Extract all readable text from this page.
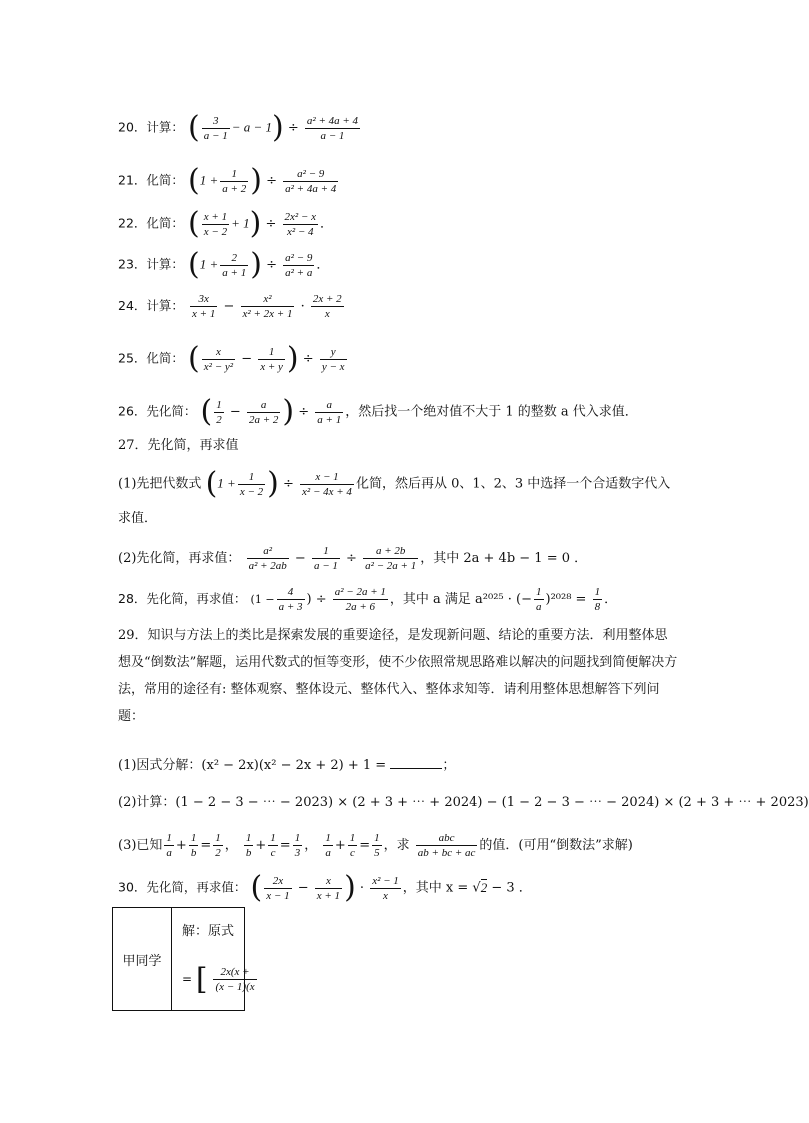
20．计算： ( $\frac{3}{a - 1} - a - 1) \div \frac{\text{a² + 4a + 4}}{a - 1}$
21．化简： ($1 + \frac{1}{a + 2}$ ) ÷ $\frac{\text{a² − 9}}{\text{a² + 4a + 4}}$
22．化简： ( $\frac{x + 1}{x - 2} + 1) \div \frac{\text{2x² − x}}{\text{x² − 4}}$ ．
23．计算： ($1 + \frac{2}{a + 1}$ ) ÷ $\frac{\text{a² − 9}}{\text{a² + a}}$ ．
24．计算： $\frac{3x}{x + 1} - \frac{\text{x²}}{\text{x² + 2x + 1}} \cdot \frac{2x + 2}{x}$
25．化简： ( $\frac{x}{\text{x² − y²}} - \frac{1}{x + y}$ ) ÷ $\frac{y}{y - x}$
26．先化简： ( $\frac{1}{2} - \frac{a}{2a + 2}$ ) ÷ $\frac{a}{a + 1}$ ，然后找一个绝对值不大于 1 的整数 a 代入求值．
27．先化简，再求值
(1)先把代数式 ($1 + \frac{1}{x - 2}$ ) ÷ $\frac{x - 1}{\text{x² − 4x + 4}}$ 化简，然后再从 0、1、2、3 中选择一个合适数字代入
求值．
(2)先化简，再求值： $\frac{\text{a²}}{\text{a² + 2ab}} - \frac{1}{a - 1} \div \frac{a + 2b}{\text{a² − 2a + 1}}$ ，其中 2a + 4b − 1 = 0 ．
28．先化简，再求值： ($1 - \frac{4}{a + 3}$ ) ÷ $\frac{\text{a² − 2a + 1}}{2a + 6}$ ，其中 a 满足 a²⁰²⁵ · (− $\frac{1}{a} )^{2028} = \frac{1}{8}$ ．
29．知识与方法上的类比是探索发展的重要途径，是发现新问题、结论的重要方法．利用整体思想及“倒数法”解题，运用代数式的恒等变形，使不少依照常规思路难以解决的问题找到简便解决方法，常用的途径有: 整体观察、整体设元、整体代入、整体求知等．请利用整体思想解答下列问题：
(1)因式分解：(x² − 2x)(x² − 2x + 2) + 1 =	；
(2)计算：(1 − 2 − 3 − ⋯ − 2023) × (2 + 3 + ⋯ + 2024) − (1 − 2 − 3 − ⋯ − 2024) × (2 + 3 + ⋯ + 2023)
(3)已知 $\frac{1}{a} + \frac{1}{b} = \frac{1}{2}$ ， $\frac{1}{b} + \frac{1}{c} = \frac{1}{3}$ ， $\frac{1}{a} + \frac{1}{c} = \frac{1}{5}$ ，求 $\frac{\text{abc}}{ab + bc + ac}$ 的值．(可用“倒数法”求解)
30．先化简，再求值： ( $\frac{2x}{x - 1} - \frac{x}{x + 1}$ ) · $\frac{\text{x² − 1}}{x}$ ，其中 x = √2 − 3 ．
甲同学	
解：原式
= [ $\frac{2x(x +}{(x - 1)(x}$
